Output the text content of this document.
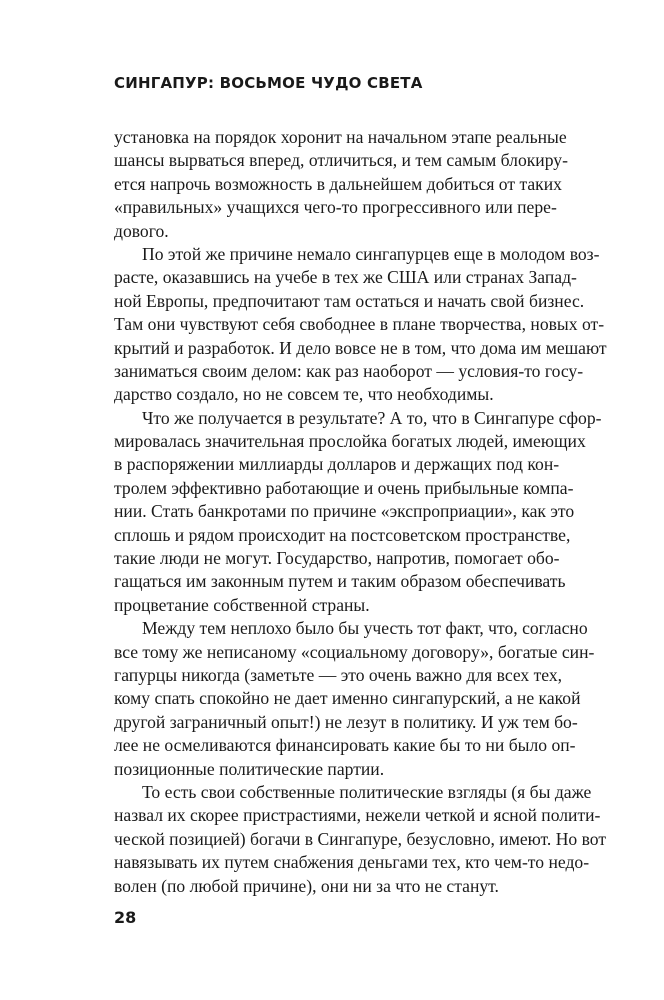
СИНГАПУР: ВОСЬМОЕ ЧУДО СВЕТА
установка на порядок хоронит на начальном этапе реальные
шансы вырваться вперед, отличиться, и тем самым блокиру-
ется напрочь возможность в дальнейшем добиться от таких
«правильных» учащихся чего-то прогрессивного или пере-
дового.
По этой же причине немало сингапурцев еще в молодом воз-
расте, оказавшись на учебе в тех же США или странах Запад-
ной Европы, предпочитают там остаться и начать свой бизнес.
Там они чувствуют себя свободнее в плане творчества, новых от-
крытий и разработок. И дело вовсе не в том, что дома им мешают
заниматься своим делом: как раз наоборот — условия-то госу-
дарство создало, но не совсем те, что необходимы.
Что же получается в результате? А то, что в Сингапуре сфор-
мировалась значительная прослойка богатых людей, имеющих
в распоряжении миллиарды долларов и держащих под кон-
тролем эффективно работающие и очень прибыльные компа-
нии. Стать банкротами по причине «экспроприации», как это
сплошь и рядом происходит на постсоветском пространстве,
такие люди не могут. Государство, напротив, помогает обо-
гащаться им законным путем и таким образом обеспечивать
процветание собственной страны.
Между тем неплохо было бы учесть тот факт, что, согласно
все тому же неписаному «социальному договору», богатые син-
гапурцы никогда (заметьте — это очень важно для всех тех,
кому спать спокойно не дает именно сингапурский, а не какой
другой заграничный опыт!) не лезут в политику. И уж тем бо-
лее не осмеливаются финансировать какие бы то ни было оп-
позиционные политические партии.
То есть свои собственные политические взгляды (я бы даже
назвал их скорее пристрастиями, нежели четкой и ясной полити-
ческой позицией) богачи в Сингапуре, безусловно, имеют. Но вот
навязывать их путем снабжения деньгами тех, кто чем-то недо-
волен (по любой причине), они ни за что не станут.
28
